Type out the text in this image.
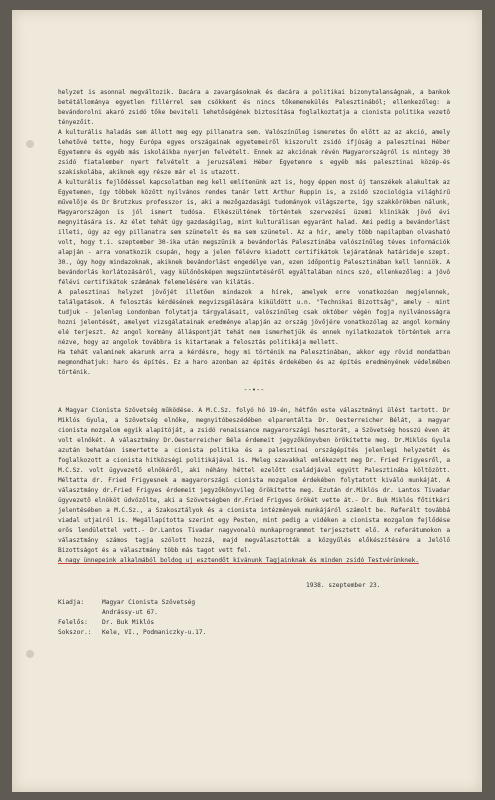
helyzet is asonnal megváltozik. Dacára a zavargásoknak és dacára a politikai bizonytalanságnak, a bankok betétállománya egyetlen fillérrel sem csökkent és nincs tőkemenekülés Palesztinából; ellenkezőleg: a bevándorolni akaró zsidó tőke beviteli lehetőségének biztosítása foglalkoztatja a cionista politika vezető tényezőit.

A kulturális haladás sem állott meg egy pillanatra sem. Valószínűleg ismeretes Ön előtt az az akció, amely lehetővé tette, hogy Európa egyes országainak egyetemeiről kiszorult zsidó ifjúság a palesztinai Héber Egyetemre és egyéb más iskoláikba nyerjen felvételt. Ennek az akciónak révén Magyarországról is mintegy 30 zsidó fiatalember nyert felvételt a jeruzsálemi Héber Egyetemre s egyéb más palesztinai közép-és szakiskolába, akiknek egy része már el is utazott.

A kulturális fejlődéssel kapcsolatban meg kell említenünk azt is, hogy éppen most új tanszékek alakultak az Egyetemen, így többek között nyilvános rendes tanár lett Arthur Ruppin is, a zsidó szociológia világhírű művelője és Dr Brutzkus professzor is, aki a mezőgazdasági tudományok világszerte, így szakkörökben nálunk, Magyarországon is jól ismert tudósa. Elkészültének történtek szervezési üzemi klinikák jövő évi megnyitására is. Az élet tehát úgy gazdaságilag, mint kulturálisan egyaránt halad. Ami pedig a bevándorlást illeti, úgy az egy pillanatra sem szünetelt és ma sem szünetel. Az a hír, amely több napilapban olvasható volt, hogy t.i. szeptember 30-ika után megszűnik a bevándorlás Palesztinába valószínűleg téves információk alapján - arra vonatkozik csupán, hogy a jelen félévre kiadott certifikátok lejáratának határideje szept. 30., úgy hogy mindazoknak, akiknek bevándorlást engedélye van, ezen időpontig Palesztinában kell lenniök. A bevándorlás korlátozásáról, vagy különösképen megszüntetéséről egyáltalában nincs szó, ellenkezőleg: a jövő félévi certifikátok számának felemelésére van kilátás.

A palesztinai helyzet jövőjét illetően mindazok a hírek, amelyek erre vonatkozóan megjelennek, találgatások. A felosztás kérdésének megvizsgálására kiküldött u.n. "Technikai Bizottság", amely - mint tudjuk - jelenleg Londonban folytatja tárgyalásait, valószínűleg csak október végén fogja nyilvánosságra hozni jelentését, amelyet vizsgálatainak eredménye alapján az ország jövőjére vonatkozólag az angol kormány elé terjeszt. Az angol kormány álláspontját tehát nem ismerhetjük és ennek nyilatkozatok történtek arra nézve, hogy az angolok továbbra is kitartanak a felosztás politikája mellett.

Ha tehát valaminek akarunk arra a kérdésre, hogy mi történik ma Palesztinában, akkor egy rövid mondatban megmondhatjuk: haro és építés. Ez a haro azonban az építés érdekében és az építés eredményének védelmében történik.

--•--

A Magyar Cionista Szövetség működése. A M.C.Sz. folyó hó 19-én, hétfőn este választmányi ülést tartott. Dr Miklós Gyula, a Szövetség elnöke, megnyitóbeszédében elparentálta Dr. Oesterreicher Bélát, a magyar cionista mozgalom egyik alapítóját, a zsidó renaissance magyarországi hesztorát, a Szövetség hosszú éven át volt elnökét. A választmány Dr.Oesterreicher Béla érdemeit jegyzőkönyvben örökítette meg. Dr.Miklós Gyula azután behatóan ismertette a cionista politika és a palesztinai országépítés jelenlegi helyzetét és foglalkozott a cionista hitközségi politikájával is. Meleg szavakkal emlékezett meg Dr. Fried Frigyesről, a M.C.Sz. volt ügyvezető elnökéről, aki néhány héttel ezelőtt családjával együtt Palesztinába költözött. Méltatta dr. Fried Frigyesnek a magyarországi cionista mozgalom érdekében folytatott kiváló munkáját. A választmány dr.Fried Frigyes érdemeit jegyzőkönyvileg örökítette meg. Ezután dr.Miklós dr. Lantos Tivadar ügyvezető elnököt üdvözölte, aki a Szövetségben dr.Fried Frigyes örökét vette át.- Dr. Buk Miklós főtitkári jelentésében a M.C.Sz., a Szakosztályok és a cionista intézmények munkájáról számolt be. Referált továbbá viadal utjairól is. Megállapította szerint egy Pesten, mint pedig a vidéken a cionista mozgalom fejlődése erős lendülettel vett.- Dr.Lantos Tivadar nagyvonalú munkaprogrammot terjesztett elő. A referátumokon a választmány számos tagja szólott hozzá, majd megválasztották a közgyűlés előkészítésére a Jelölő Bizottságot és a választmány több más tagot vett fel.

A nagy ünnepeink alkalmából boldog uj esztendőt kívánunk Tagjainknak és minden zsidó Testvérünknek.

1938. szeptember 23.
Kiadja:	Magyar Cionista Szövetség
Andrássy-ut 67.
Felelős:	Dr. Buk Miklós
Sokszor.:	Kele, VI., Podmaniczky-u.17.
